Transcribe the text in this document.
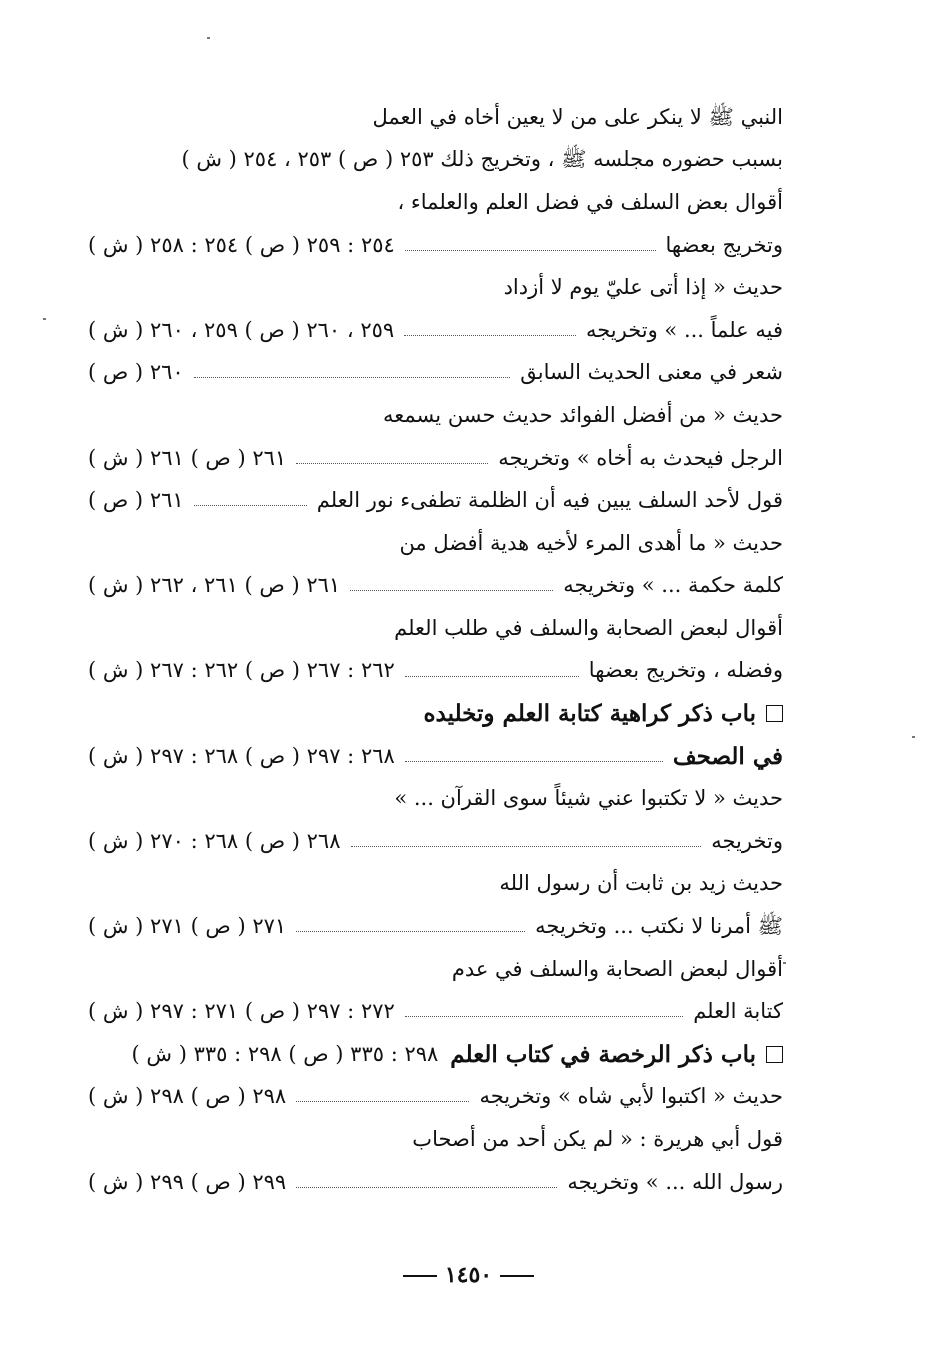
النبي ﷺ لا ينكر على من لا يعين أخاه في العمل
بسبب حضوره مجلسه ﷺ ، وتخريج ذلك ٢٥٣ ( ص ) ٢٥٣ ، ٢٥٤ ( ش )
أقوال بعض السلف في فضل العلم والعلماء ،
وتخريج بعضها
٢٥٤ : ٢٥٩ ( ص ) ٢٥٤ : ٢٥٨ ( ش )
حديث « إذا أتى عليّ يوم لا أزداد
فيه علماً ... » وتخريجه
٢٥٩ ، ٢٦٠ ( ص ) ٢٥٩ ، ٢٦٠ ( ش )
شعر في معنى الحديث السابق
٢٦٠ ( ص )
حديث « من أفضل الفوائد حديث حسن يسمعه
الرجل فيحدث به أخاه » وتخريجه
٢٦١ ( ص ) ٢٦١ ( ش )
قول لأحد السلف يبين فيه أن الظلمة تطفىء نور العلم
٢٦١ ( ص )
حديث « ما أهدى المرء لأخيه هدية أفضل من
كلمة حكمة ... » وتخريجه
٢٦١ ( ص ) ٢٦١ ، ٢٦٢ ( ش )
أقوال لبعض الصحابة والسلف في طلب العلم
وفضله ، وتخريج بعضها
٢٦٢ : ٢٦٧ ( ص ) ٢٦٢ : ٢٦٧ ( ش )
باب ذكر كراهية كتابة العلم وتخليده
في الصحف
٢٦٨ : ٢٩٧ ( ص ) ٢٦٨ : ٢٩٧ ( ش )
حديث « لا تكتبوا عني شيئاً سوى القرآن ... »
وتخريجه
٢٦٨ ( ص ) ٢٦٨ : ٢٧٠ ( ش )
حديث زيد بن ثابت أن رسول الله
ﷺ أمرنا لا نكتب ... وتخريجه
٢٧١ ( ص ) ٢٧١ ( ش )
أقوال لبعض الصحابة والسلف في عدم
كتابة العلم
٢٧٢ : ٢٩٧ ( ص ) ٢٧١ : ٢٩٧ ( ش )
باب ذكر الرخصة في كتاب العلم
٢٩٨ : ٣٣٥ ( ص ) ٢٩٨ : ٣٣٥ ( ش )
حديث « اكتبوا لأبي شاه » وتخريجه
٢٩٨ ( ص ) ٢٩٨ ( ش )
قول أبي هريرة : « لم يكن أحد من أصحاب
رسول الله ... » وتخريجه
٢٩٩ ( ص ) ٢٩٩ ( ش )
١٤٥٠
